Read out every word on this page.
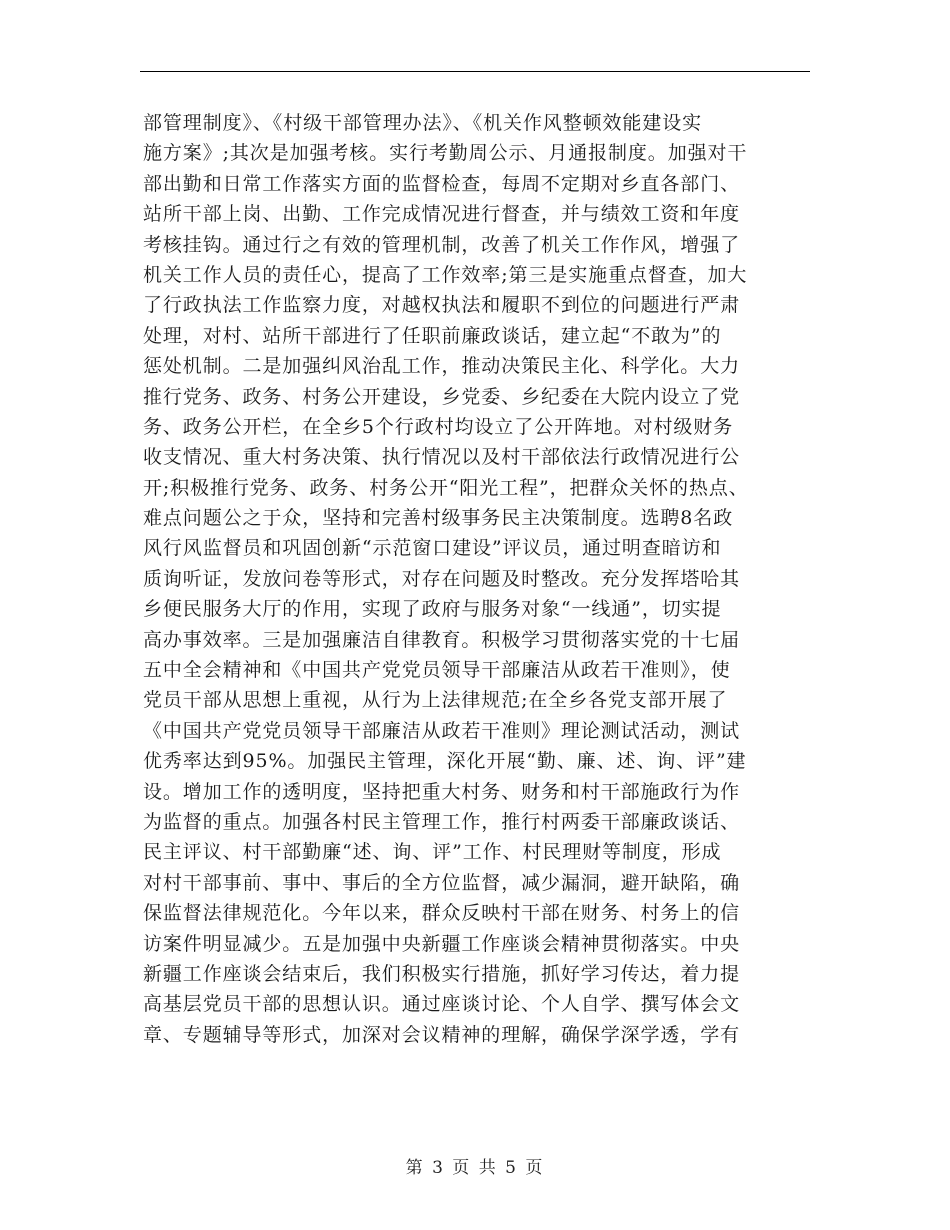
部管理制度》、《村级干部管理办法》、《机关作风整顿效能建设实
施方案》;其次是加强考核。实行考勤周公示、月通报制度。加强对干
部出勤和日常工作落实方面的监督检查，每周不定期对乡直各部门、
站所干部上岗、出勤、工作完成情况进行督查，并与绩效工资和年度
考核挂钩。通过行之有效的管理机制，改善了机关工作作风，增强了
机关工作人员的责任心，提高了工作效率;第三是实施重点督查，加大
了行政执法工作监察力度，对越权执法和履职不到位的问题进行严肃
处理，对村、站所干部进行了任职前廉政谈话，建立起“不敢为”的
惩处机制。二是加强纠风治乱工作，推动决策民主化、科学化。大力
推行党务、政务、村务公开建设，乡党委、乡纪委在大院内设立了党
务、政务公开栏，在全乡5个行政村均设立了公开阵地。对村级财务
收支情况、重大村务决策、执行情况以及村干部依法行政情况进行公
开;积极推行党务、政务、村务公开“阳光工程”，把群众关怀的热点、
难点问题公之于众，坚持和完善村级事务民主决策制度。选聘8名政
风行风监督员和巩固创新“示范窗口建设”评议员，通过明查暗访和
质询听证，发放问卷等形式，对存在问题及时整改。充分发挥塔哈其
乡便民服务大厅的作用，实现了政府与服务对象“一线通”，切实提
高办事效率。三是加强廉洁自律教育。积极学习贯彻落实党的十七届
五中全会精神和《中国共产党党员领导干部廉洁从政若干准则》，使
党员干部从思想上重视，从行为上法律规范;在全乡各党支部开展了
《中国共产党党员领导干部廉洁从政若干准则》理论测试活动，测试
优秀率达到95%。加强民主管理，深化开展“勤、廉、述、询、评”建
设。增加工作的透明度，坚持把重大村务、财务和村干部施政行为作
为监督的重点。加强各村民主管理工作，推行村两委干部廉政谈话、
民主评议、村干部勤廉“述、询、评”工作、村民理财等制度，形成
对村干部事前、事中、事后的全方位监督，减少漏洞，避开缺陷，确
保监督法律规范化。今年以来，群众反映村干部在财务、村务上的信
访案件明显减少。五是加强中央新疆工作座谈会精神贯彻落实。中央
新疆工作座谈会结束后，我们积极实行措施，抓好学习传达，着力提
高基层党员干部的思想认识。通过座谈讨论、个人自学、撰写体会文
章、专题辅导等形式，加深对会议精神的理解，确保学深学透，学有
第 3 页 共 5 页
